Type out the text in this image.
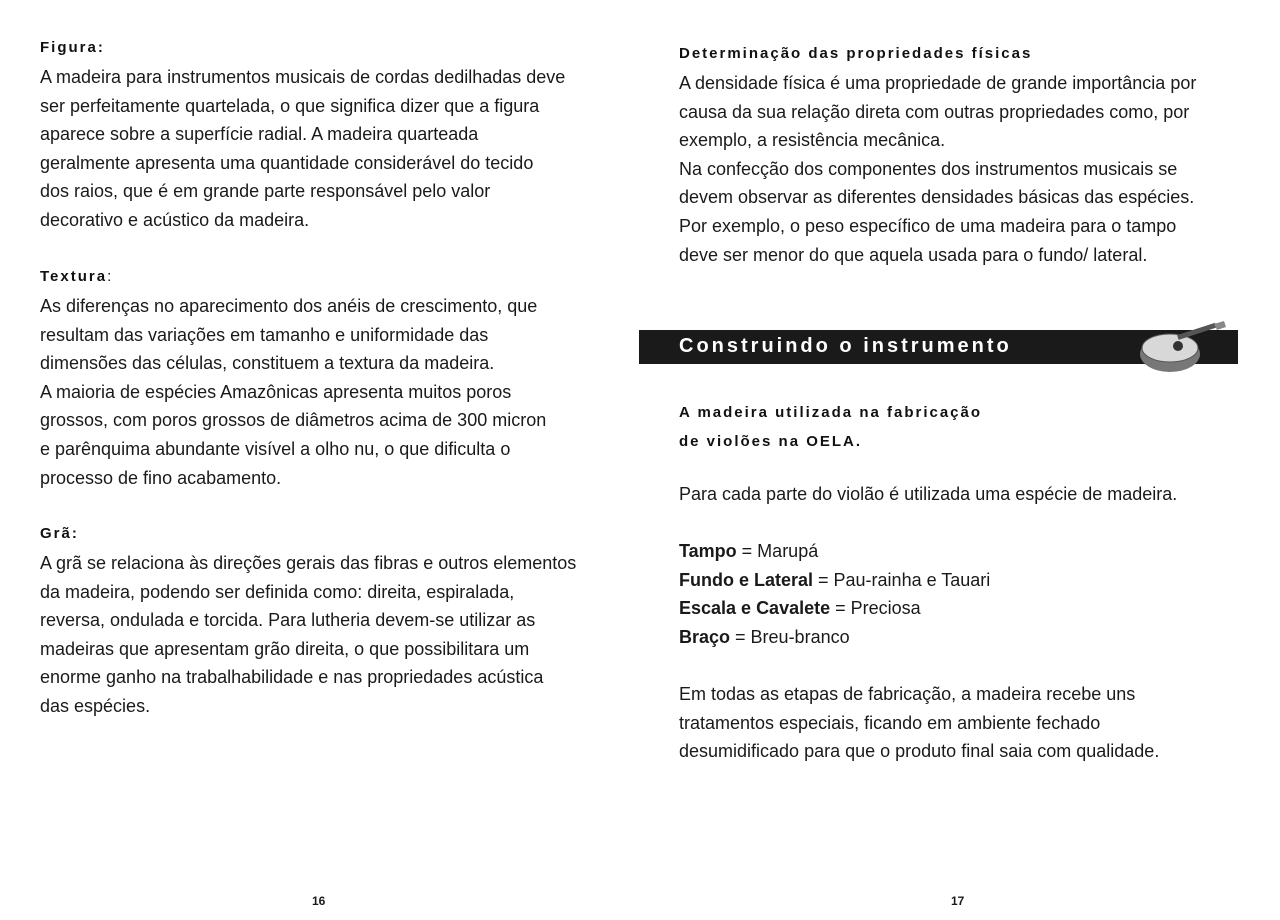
Figura:
A madeira para instrumentos musicais de cordas dedilhadas deve
ser perfeitamente quartelada, o que significa dizer que a figura
aparece sobre a superfície radial. A madeira quarteada
geralmente apresenta uma quantidade considerável do tecido
dos raios, que é em grande parte responsável pelo valor
decorativo e acústico da madeira.
Textura:
As diferenças no aparecimento dos anéis de crescimento, que
resultam das variações em tamanho e uniformidade das
dimensões das células, constituem a textura da madeira.
A maioria de espécies Amazônicas apresenta muitos poros
grossos, com poros grossos de diâmetros acima de 300 micron
e parênquima abundante visível a olho nu, o que dificulta o
processo de fino acabamento.
Grã:
A grã se relaciona às direções gerais das fibras e outros elementos
da madeira, podendo ser definida como: direita, espiralada,
reversa, ondulada e torcida. Para lutheria devem-se utilizar as
madeiras que apresentam grão direita, o que possibilitara um
enorme ganho na trabalhabilidade e nas propriedades acústica
das espécies.
16
Determinação das propriedades físicas
A densidade física é uma propriedade de grande importância por
causa da sua relação direta com outras propriedades como, por
exemplo, a resistência mecânica.
Na confecção dos componentes dos instrumentos musicais se
devem observar as diferentes densidades básicas das espécies.
Por exemplo, o peso específico de uma madeira para o tampo
deve ser menor do que aquela usada para o fundo/ lateral.
Construindo o instrumento
A madeira utilizada na fabricação
de violões na OELA.
Para cada parte do violão é utilizada uma espécie de madeira.
Tampo = Marupá
Fundo e Lateral = Pau-rainha e Tauari
Escala e Cavalete = Preciosa
Braço = Breu-branco
Em todas as etapas de fabricação, a madeira recebe uns
tratamentos especiais, ficando em ambiente fechado
desumidificado para que o produto final saia com qualidade.
17
